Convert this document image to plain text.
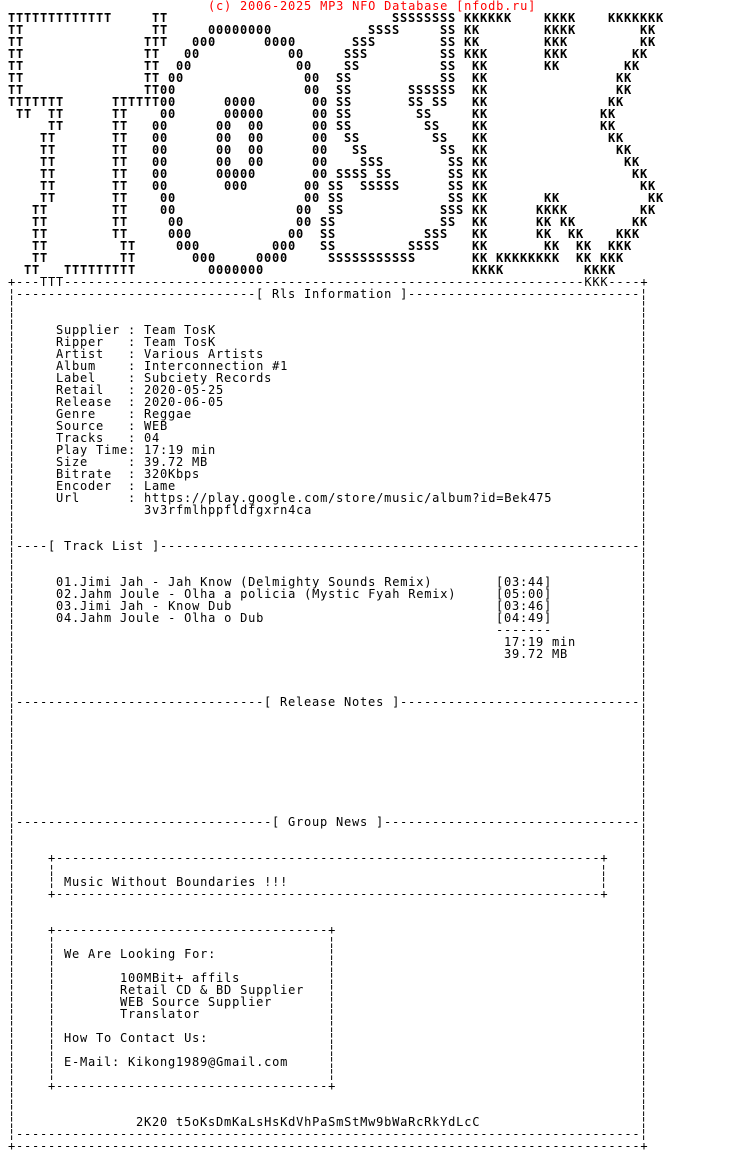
(c) 2006-2025 MP3 NFO Database [nfodb.ru]
TTTTTTTTTTTTT	TT	SSSSSSSS KKKKKK	KKKK	KKKKKKK
TT	TT	00000000	SSSS	SS KK	KKKK	KK
TT	TTT 000	0000	SSS	SS KK	KKK	KK
TT	TT 00	00	SSS	SS KKK	KKK	KK
TT	TT 00	00	SS	SS KK	KK	KK
TT	TT 00	00 SS	SS KK	KK
TT	TT00	00 SS	SSSSSS KK	KK
TTTTTTT	TTTTTT00	0000	00 SS	SS SS KK	KK
TT TT	TT	00	00000	00 SS	SS	KK	KK
TT	TT 00	00 00	00 SS	SS	KK	KK
TT	TT 00	00 00	00 SS	SS KK	KK
TT	TT 00	00 00	00 SS	SS KK	KK
TT	TT 00	00 00	00	SSS	SS KK	KK
TT	TT 00	00000	00 SSSS SS	SS KK	KK
TT	TT 00	000	00 SS SSSSS	SS KK	KK
TT	TT	00	00 SS	SS KK	KK	KK
TT	TT	00	00 SS	SSS KK	KKKK	KK
TT	TT	00	00 SS	SS KK	KK KK	KK
TT	TT	000	00 SS	SSS KK	KK KK	KKK
TT	TT	000	000 SS	SSSS	KK	KK KK KKK
TT	TT	000	0000	SSSSSSSSSSS	KK KKKKKKKK KK KKK
TT TTTTTTTTT	0000000	KKKK	KKKK
+---TTT-----------------------------------------------------------------KKK----+
[ Rls Information ]
Supplier : Team TosK
Ripper : Team TosK
Artist : Various Artists
Album : Interconnection #1
Label : Subciety Records
Retail : 2020-05-25
Release : 2020-06-05
Genre : Reggae
Source : WEB
Tracks : 04
Play Time : 17:19 min
Size : 39.72 MB
Bitrate : 320Kbps
Encoder : Lame
Url : https://play.google.com/store/music/album?id=Bek475
3v3rfmlhppfldfgxrn4ca
[ Track List ]
01.Jimi Jah - Jah Know (Delmighty Sounds Remix)	[03:44]
02.Jahm Joule - Olha a policia (Mystic Fyah Remix)	[05:00]
03.Jimi Jah - Know Dub	[03:46]
04.Jahm Joule - Olha o Dub	[04:49]
-------
17:19 min
39.72 MB
[ Release Notes ]
[ Group News ]
Music Without Boundaries !!!
We Are Looking For:
100MBit+ affils
Retail CD & BD Supplier
WEB Source Supplier
Translator
How To Contact Us:
E-Mail: Kikong1989@Gmail.com
2K20 t5oKsDmKaLsHsKdVhPaSmStMw9bWaRcRkYdLcC
¦	¦
¦	¦
¦	¦
¦	¦
¦	¦
¦	¦
¦	¦
¦	¦
¦	¦
¦	¦
¦	¦
¦	¦
¦	¦
¦	¦
¦	¦
¦	¦
¦	¦
¦	¦
¦	¦
¦	¦
¦	¦
¦	¦
¦	¦
¦	¦
¦	¦
¦	¦
¦	¦
¦	¦
¦	¦
¦	¦
¦	¦
¦	¦
¦	¦
¦	¦
¦	¦
¦	¦
¦	¦
¦	¦
¦	¦
¦	¦
¦	¦
¦	¦
¦	¦
¦	¦
¦	¦
¦	¦
¦	¦
¦	¦
¦	¦
¦	¦
¦	¦
¦	¦
¦	¦
¦	¦
¦	¦
¦	¦
¦	¦
¦	¦
¦	¦
¦	¦
¦	¦
¦	¦
¦	¦
¦	¦
¦	¦
¦	¦
¦	¦
¦	¦
¦	¦
¦	¦
¦	¦
------------------------------	-----------------------------
----	------------------------------------------------------------
-------------------------------	------------------------------
--------------------------------	--------------------------------
------------------------------------------------------------------------------
+------------------------------------------------------------------------------+
+--------------------------------------------------------------------+
¦	¦
¦	¦
+--------------------------------------------------------------------+
+----------------------------------+
¦	¦
¦	¦
¦	¦
¦	¦
¦	¦
¦	¦
¦	¦
¦	¦
¦	¦
¦	¦
¦	¦
¦	¦
+----------------------------------+
